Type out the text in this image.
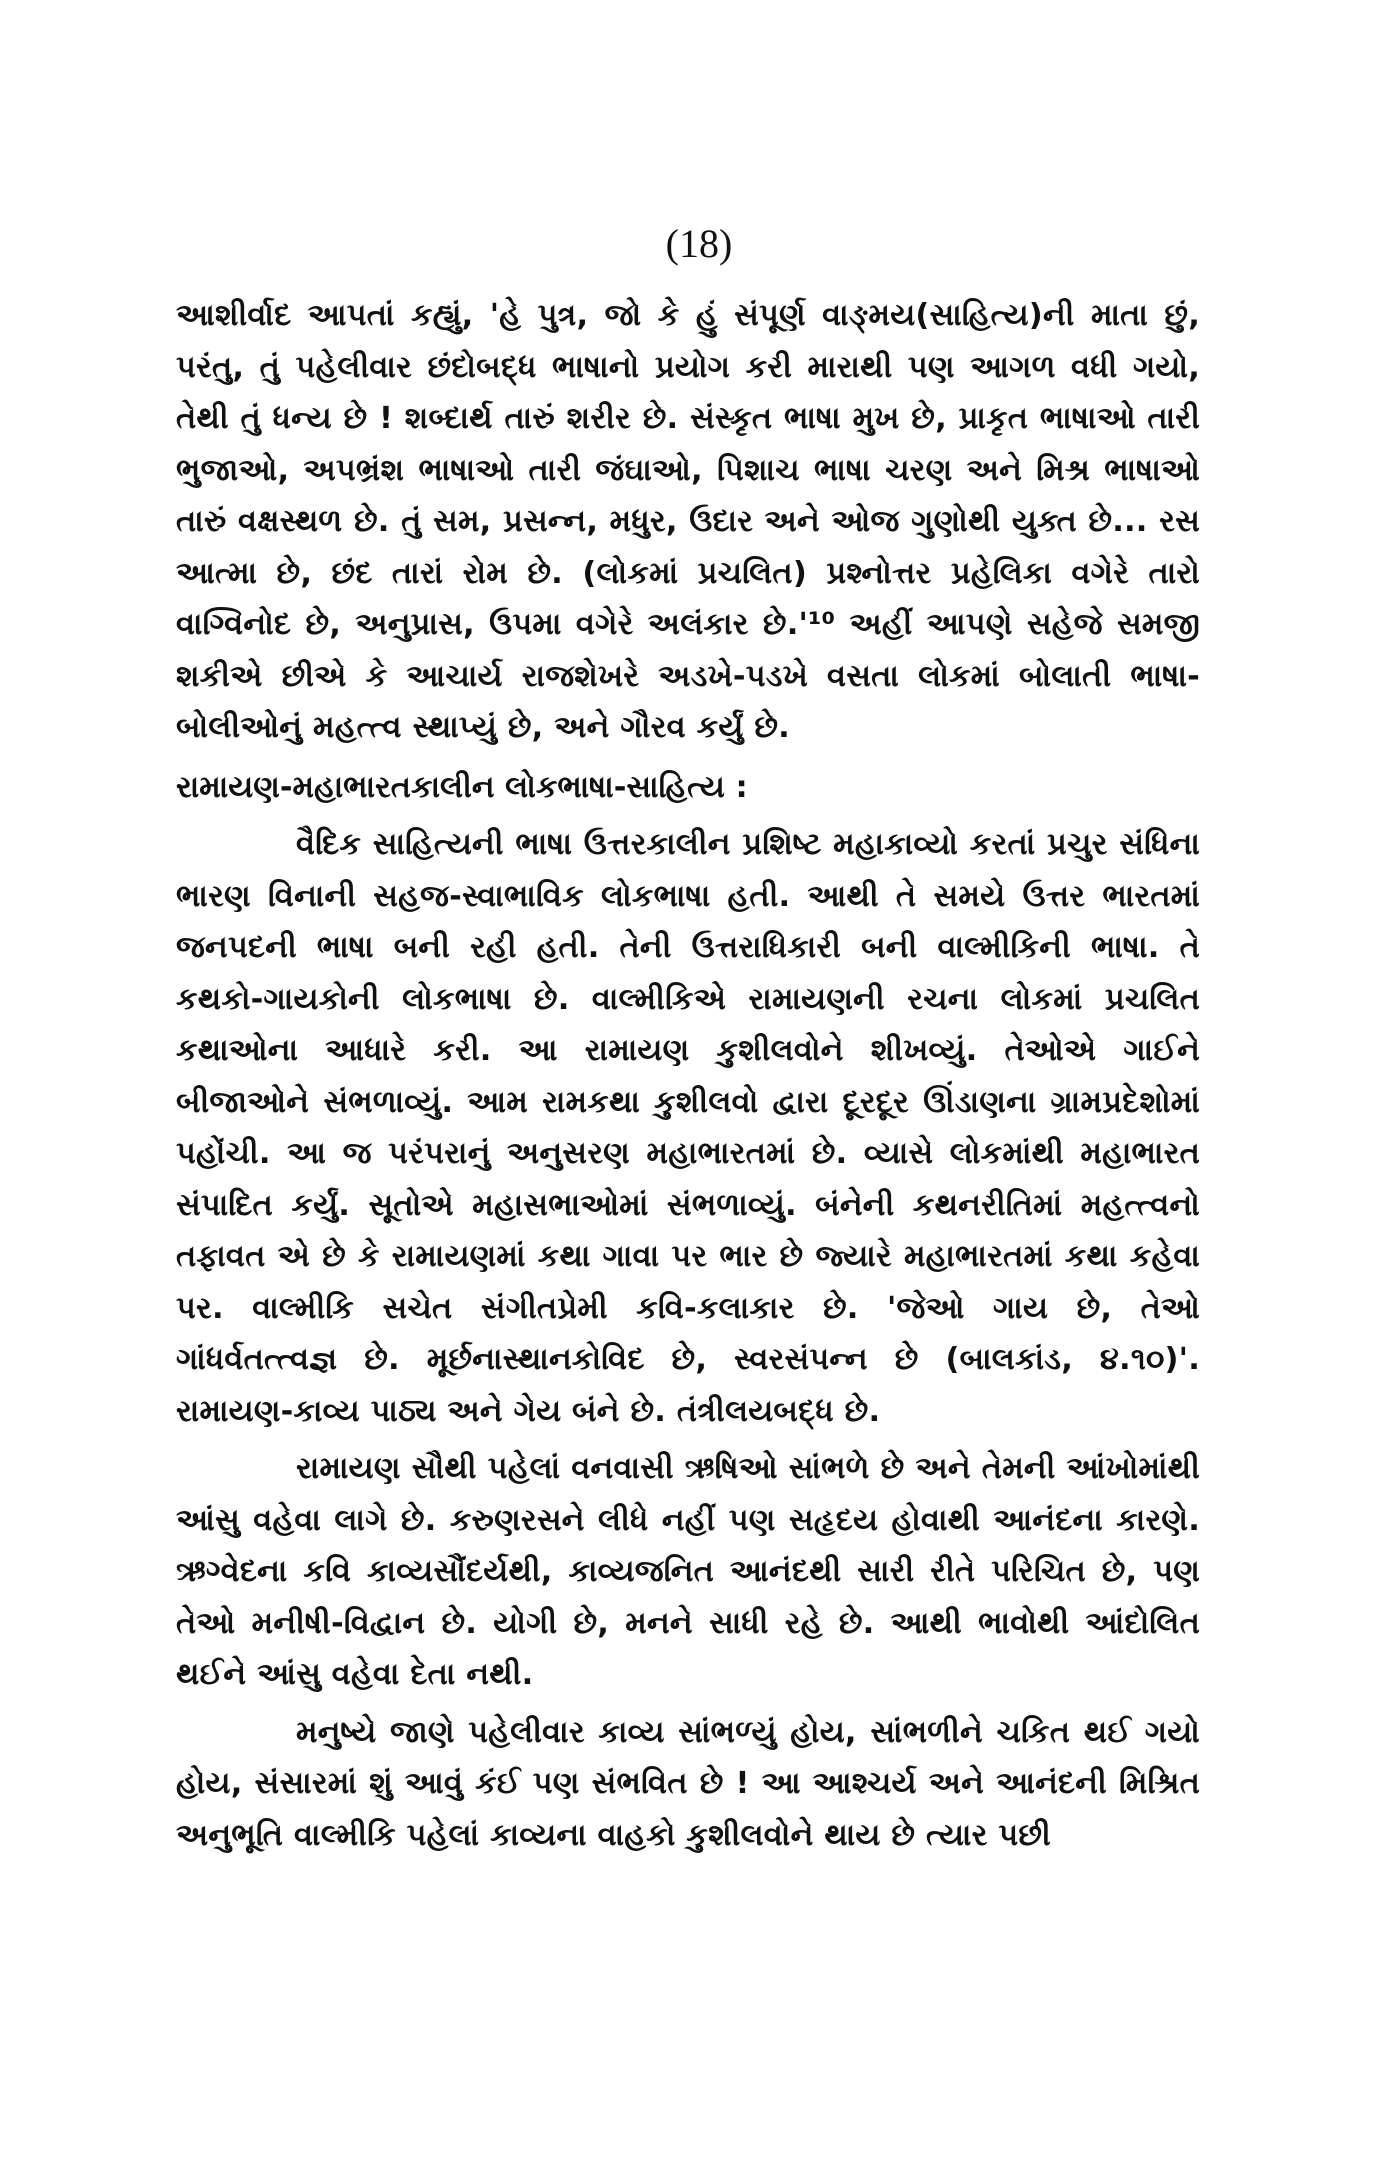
(18)

આશીર્વાદ આપતાં કહ્યું, 'હે પુત્ર, જો કે હું સંપૂર્ણ વાઙ્મય(સાહિત્ય)ની માતા છું, પરંતુ, તું પહેલીવાર છંદોબદ્ધ ભાષાનો પ્રયોગ કરી મારાથી પણ આગળ વધી ગયો, તેથી તું ધન્ય છે ! શબ્દાર્થ તારું શરીર છે. સંસ્કૃત ભાષા મુખ છે, પ્રાકૃત ભાષાઓ તારી ભુજાઓ, અપભ્રંશ ભાષાઓ તારી જંઘાઓ, પિશાચ ભાષા ચરણ અને મિશ્ર ભાષાઓ તારું વક્ષસ્થળ છે. તું સમ, પ્રસન્ન, મધુર, ઉદાર અને ઓજ ગુણોથી યુક્ત છે... રસ આત્મા છે, છંદ તારાં રોમ છે. (લોકમાં પ્રચલિત) પ્રશ્નોત્તર પ્રહેલિકા વગેરે તારો વાગ્વિનોદ છે, અનુપ્રાસ, ઉપમા વગેરે અલંકાર છે.'¹⁰ અહીં આપણે સહેજે સમજી શકીએ છીએ કે આચાર્ય રાજશેખરે અડખે-પડખે વસતા લોકમાં બોલાતી ભાષા-બોલીઓનું મહત્ત્વ સ્થાપ્યું છે, અને ગૌરવ કર્યું છે.

રામાયણ-મહાભારતકાલીન લોકભાષા-સાહિત્ય :

વૈદિક સાહિત્યની ભાષા ઉત્તરકાલીન પ્રશિષ્ટ મહાકાવ્યો કરતાં પ્રચુર સંધિના ભારણ વિનાની સહજ-સ્વાભાવિક લોકભાષા હતી. આથી તે સમયે ઉત્તર ભારતમાં જનપદની ભાષા બની રહી હતી. તેની ઉત્તરાધિકારી બની વાલ્મીકિની ભાષા. તે કથકો-ગાયકોની લોકભાષા છે. વાલ્મીકિએ રામાયણની રચના લોકમાં પ્રચલિત કથાઓના આધારે કરી. આ રામાયણ કુશીલવોને શીખવ્યું. તેઓએ ગાઈને બીજાઓને સંભળાવ્યું. આમ રામકથા કુશીલવો દ્વારા દૂરદૂર ઊંડાણના ગ્રામપ્રદેશોમાં પહોંચી. આ જ પરંપરાનું અનુસરણ મહાભારતમાં છે. વ્યાસે લોકમાંથી મહાભારત સંપાદિત કર્યું. સૂતોએ મહાસભાઓમાં સંભળાવ્યું. બંનેની કથનરીતિમાં મહત્ત્વનો તફાવત એ છે કે રામાયણમાં કથા ગાવા પર ભાર છે જ્યારે મહાભારતમાં કથા કહેવા પર. વાલ્મીકિ સચેત સંગીતપ્રેમી કવિ-કલાકાર છે. 'જેઓ ગાય છે, તેઓ ગાંધર્વતત્ત્વજ્ઞ છે. મૂર્છનાસ્થાનકોવિદ છે, સ્વરસંપન્ન છે (બાલકાંડ, ૪.૧૦)'. રામાયણ-કાવ્ય પાઠ્ય અને ગેય બંને છે. તંત્રીલયબદ્ધ છે.

રામાયણ સૌથી પહેલાં વનવાસી ઋષિઓ સાંભળે છે અને તેમની આંખોમાંથી આંસુ વહેવા લાગે છે. કરુણરસને લીધે નહીં પણ સહૃદય હોવાથી આનંદના કારણે. ઋગ્વેદના કવિ કાવ્યસૌંદર્યથી, કાવ્યજનિત આનંદથી સારી રીતે પરિચિત છે, પણ તેઓ મનીષી-વિદ્વાન છે. યોગી છે, મનને સાધી રહે છે. આથી ભાવોથી આંદોલિત થઈને આંસુ વહેવા દેતા નથી.

મનુષ્યે જાણે પહેલીવાર કાવ્ય સાંભળ્યું હોય, સાંભળીને ચકિત થઈ ગયો હોય, સંસારમાં શું આવું કંઈ પણ સંભવિત છે ! આ આશ્ચર્ય અને આનંદની મિશ્રિત અનુભૂતિ વાલ્મીકિ પહેલાં કાવ્યના વાહકો કુશીલવોને થાય છે ત્યાર પછી
